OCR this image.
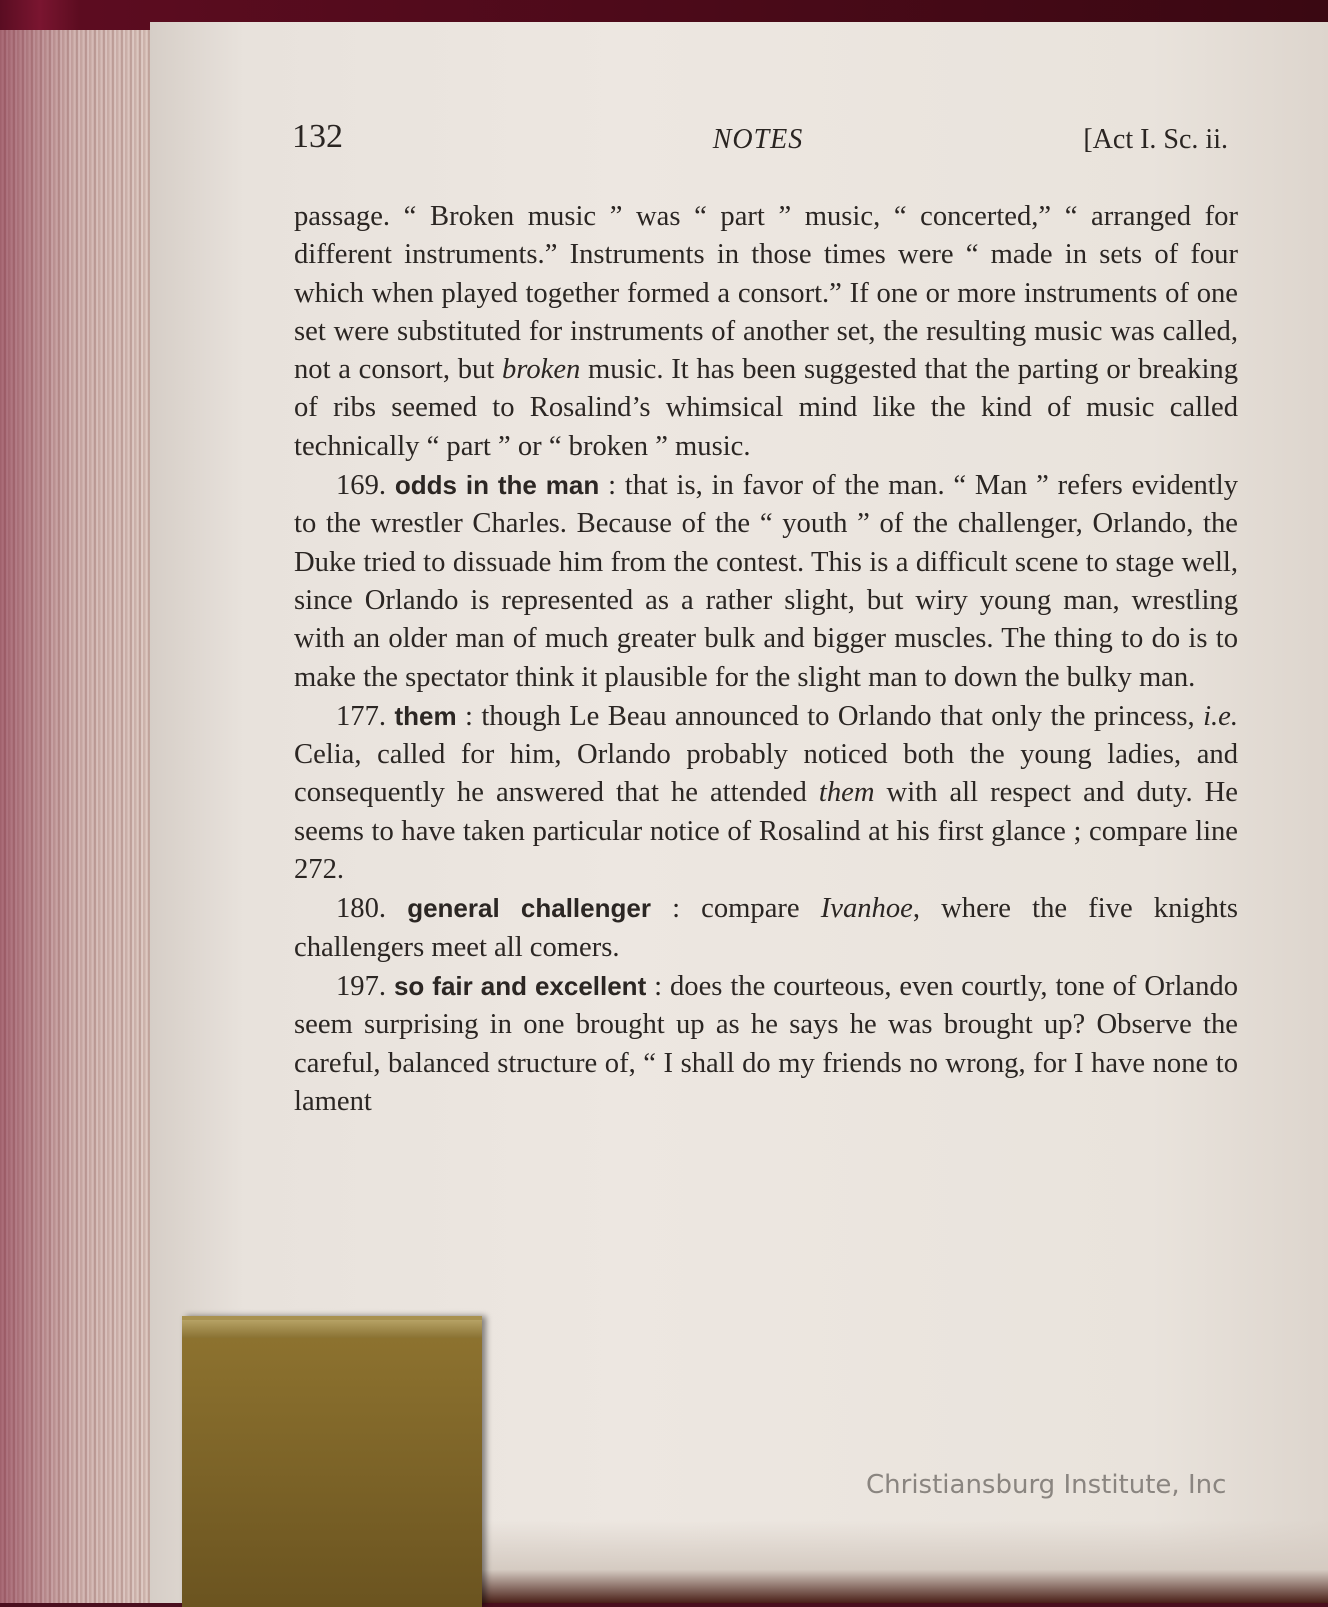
132	NOTES	[Act I. Sc. ii.

passage. “ Broken music ” was “ part ” music, “ concerted,” “ arranged for different instruments.” Instruments in those times were “ made in sets of four which when played together formed a consort.” If one or more instruments of one set were substituted for instruments of another set, the resulting music was called, not a consort, but broken music. It has been suggested that the parting or breaking of ribs seemed to Rosalind’s whimsical mind like the kind of music called technically “ part ” or “ broken ” music.

169. odds in the man : that is, in favor of the man. “ Man ” refers evidently to the wrestler Charles. Because of the “ youth ” of the challenger, Orlando, the Duke tried to dissuade him from the contest. This is a difficult scene to stage well, since Orlando is represented as a rather slight, but wiry young man, wrestling with an older man of much greater bulk and bigger muscles. The thing to do is to make the spectator think it plausible for the slight man to down the bulky man.

177. them : though Le Beau announced to Orlando that only the princess, i.e. Celia, called for him, Orlando probably noticed both the young ladies, and consequently he answered that he attended them with all respect and duty. He seems to have taken particular notice of Rosalind at his first glance ; compare line 272.

180. general challenger : compare Ivanhoe, where the five knights challengers meet all comers.

197. so fair and excellent : does the courteous, even courtly, tone of Orlando seem surprising in one brought up as he says he was brought up? Observe the careful, balanced structure of, “ I shall do my friends no wrong, for I have none to lament

Christiansburg Institute, Inc
